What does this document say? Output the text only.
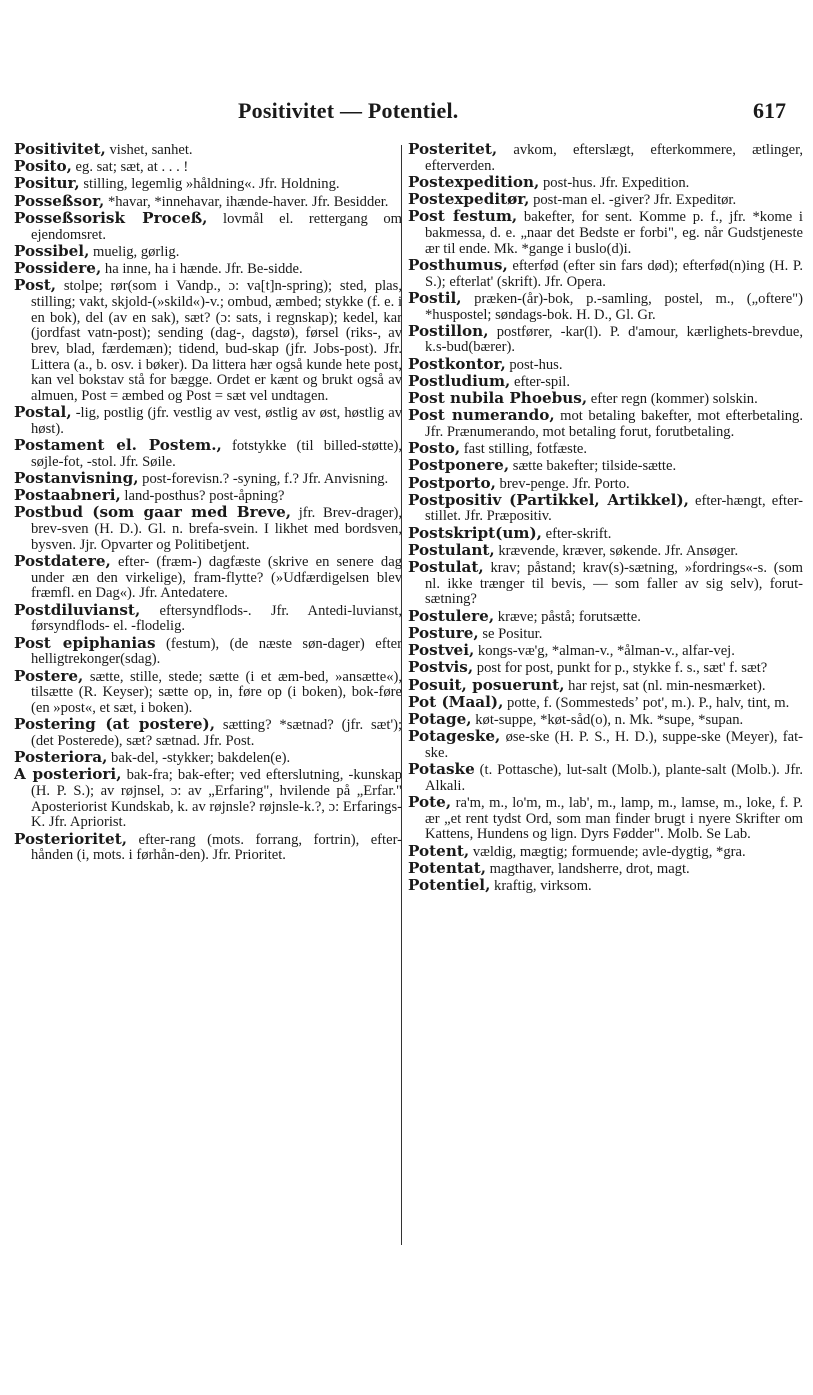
Positivitet — Potentiel.	617

Positivitet, vishet, sanhet.

Posito, eg. sat; sæt, at . . . !

Positur, stilling, legemlig »håldning«. Jfr. Holdning.

Posseßsor, *havar, *innehavar, ihænde-haver. Jfr. Besidder.

Posseßsorisk Proceß, lovmål el. rettergang om ejendomsret.

Possibel, muelig, gørlig.

Possidere, ha inne, ha i hænde. Jfr. Be-sidde.

Post, stolpe; rør(som i Vandp., ɔ: va[t]n-spring); sted, plas, stilling; vakt, skjold-(»skild«)-v.; ombud, æmbed; stykke (f. e. i en bok), del (av en sak), sæt? (ɔ: sats, i regnskap); kedel, kar (jordfast vatn-post); sending (dag-, dagstø), førsel (riks-, av brev, blad, færdemæn); tidend, bud-skap (jfr. Jobs-post). Jfr. Littera (a., b. osv. i bøker). Da littera hær også kunde hete post, kan vel bokstav stå for bægge. Ordet er kænt og brukt også av almuen, Post = æmbed og Post = sæt vel undtagen.

Postal, -lig, postlig (jfr. vestlig av vest, østlig av øst, høstlig av høst).

Postament el. Postem., fotstykke (til billed-støtte), søjle-fot, -stol. Jfr. Søile.

Postanvisning, post-forevisn.? -syning, f.? Jfr. Anvisning.

Postaabneri, land-posthus? post-åpning?

Postbud (som gaar med Breve, jfr. Brev-drager), brev-sven (H. D.). Gl. n. brefa-svein. I likhet med bordsven, bysven. Jjr. Opvarter og Politibetjent.

Postdatere, efter- (fræm-) dagfæste (skrive en senere dag under æn den virkelige), fram-flytte? (»Udfærdigelsen blev fræmfl. en Dag«). Jfr. Antedatere.

Postdiluvianst, eftersyndflods-. Jfr. Antedi-luvianst, førsyndflods- el. -flodelig.

Post epiphanias (festum), (de næste søn-dager) efter helligtrekonger(sdag).

Postere, sætte, stille, stede; sætte (i et æm-bed, »ansætte«), tilsætte (R. Keyser); sætte op, in, føre op (i boken), bok-føre (en »post«, et sæt, i boken).

Postering (at postere), sætting? *sætnad? (jfr. sæt'); (det Posterede), sæt? sætnad. Jfr. Post.

Posteriora, bak-del, -stykker; bakdelen(e).

A posteriori, bak-fra; bak-efter; ved efterslutning, -kunskap (H. P. S.); av røjnsel, ɔ: av „Erfaring", hvilende på „Erfar." Aposteriorist Kundskab, k. av røjnsle? røjnsle-k.?, ɔ: Erfarings-K. Jfr. Apriorist.

Posterioritet, efter-rang (mots. forrang, fortrin), efter-hånden (i, mots. i førhån-den). Jfr. Prioritet.

Posteritet, avkom, efterslægt, efterkommere, ætlinger, efterverden.

Postexpedition, post-hus. Jfr. Expedition.

Postexpeditør, post-man el. -giver? Jfr. Expeditør.

Post festum, bakefter, for sent. Komme p. f., jfr. *kome i bakmessa, d. e. „naar det Bedste er forbi", eg. når Gudstjeneste ær til ende. Mk. *gange i buslo(d)i.

Posthumus, efterfød (efter sin fars død); efterfød(n)ing (H. P. S.); efterlat' (skrift). Jfr. Opera.

Postil, præken-(år)-bok, p.-samling, postel, m., („oftere") *huspostel; søndags-bok. H. D., Gl. Gr.

Postillon, postfører, -kar(l). P. d'amour, kærlighets-brevdue, k.s-bud(bærer).

Postkontor, post-hus.

Postludium, efter-spil.

Post nubila Phoebus, efter regn (kommer) solskin.

Post numerando, mot betaling bakefter, mot efterbetaling. Jfr. Prænumerando, mot betaling forut, forutbetaling.

Posto, fast stilling, fotfæste.

Postponere, sætte bakefter; tilside-sætte.

Postporto, brev-penge. Jfr. Porto.

Postpositiv (Partikkel, Artikkel), efter-hængt, efter-stillet. Jfr. Præpositiv.

Postskript(um), efter-skrift.

Postulant, krævende, kræver, søkende. Jfr. Ansøger.

Postulat, krav; påstand; krav(s)-sætning, »fordrings«-s. (som nl. ikke trænger til bevis, — som faller av sig selv), forut-sætning?

Postulere, kræve; påstå; forutsætte.

Posture, se Positur.

Postvei, kongs-væ'g, *alman-v., *ålman-v., alfar-vej.

Postvis, post for post, punkt for p., stykke f. s., sæt' f. sæt?

Posuit, posuerunt, har rejst, sat (nl. min-nesmærket).

Pot (Maal), potte, f. (Sommestedsʼ pot', m.). P., halv, tint, m.

Potage, køt-suppe, *køt-såd(o), n. Mk. *supe, *supan.

Potageske, øse-ske (H. P. S., H. D.), suppe-ske (Meyer), fat-ske.

Potaske (t. Pottasche), lut-salt (Molb.), plante-salt (Molb.). Jfr. Alkali.

Pote, ra'm, m., lo'm, m., lab', m., lamp, m., lamse, m., loke, f. P. ær „et rent tydst Ord, som man finder brugt i nyere Skrifter om Kattens, Hundens og lign. Dyrs Fødder". Molb. Se Lab.

Potent, vældig, mægtig; formuende; avle-dygtig, *gra.

Potentat, magthaver, landsherre, drot, magt.

Potentiel, kraftig, virksom.
